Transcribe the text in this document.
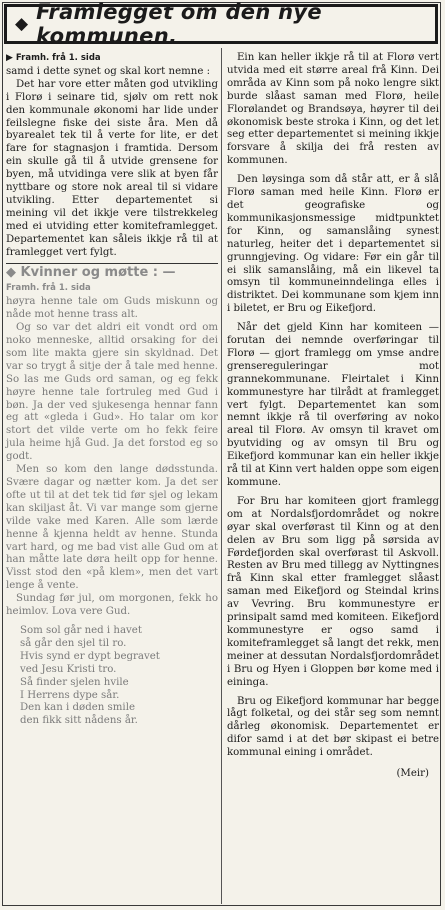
◆ Framlegget om den nye kommunen.
▶ Framh. frå 1. sida

samd i dette synet og skal kort nemne :

Det har vore etter måten god utvikling i Florø i seinare tid, sjølv om rett nok den kommunale økonomi har lide under feilslegne fiske dei siste åra. Men då byarealet tek til å verte for lite, er det fare for stagnasjon i framtida. Dersom ein skulle gå til å utvide grensene for byen, må utvidinga vere slik at byen får nyttbare og store nok areal til si vidare utvikling. Etter departementet si meining vil det ikkje vere tilstrekkeleg med ei utviding etter komiteframlegget. Departementet kan såleis ikkje rå til at framlegget vert fylgt.

◆ Kvinner og møtte : —
Framh. frå 1. sida

høyra henne tale om Guds miskunn og nåde mot henne trass alt.

Og so var det aldri eit vondt ord om noko menneske, alltid orsaking for dei som lite makta gjere sin skyldnad. Det var so trygt å sitje der å tale med henne. So las me Guds ord saman, og eg fekk høyre henne tale fortruleg med Gud i bøn. Ja der ved sjukesenga hennar fann eg att «gleda i Gud». Ho talar om kor stort det vilde verte om ho fekk feire jula heime hjå Gud. Ja det forstod eg so godt.

Men so kom den lange dødsstunda. Svære dagar og nætter kom. Ja det ser ofte ut til at det tek tid før sjel og lekam kan skiljast åt. Vi var mange som gjerne vilde vake med Karen. Alle som lærde henne å kjenna heldt av henne. Stunda vart hard, og me bad vist alle Gud om at han måtte late døra heilt opp for henne. Visst stod den «på klem», men det vart lenge å vente.

Sundag før jul, om morgonen, fekk ho heimlov. Lova vere Gud.

Som sol går ned i havet
så går den sjel til ro.
Hvis synd er dypt begravet
ved Jesu Kristi tro.
Så finder sjelen hvile
I Herrens dype sår.
Den kan i døden smile
den fikk sitt nådens år.

Ein kan heller ikkje rå til at Florø vert utvida med eit større areal frå Kinn. Dei områda av Kinn som på noko lengre sikt burde slåast saman med Florø, heile Florølandet og Brandsøya, høyrer til dei økonomisk beste stroka i Kinn, og det let seg etter departementet si meining ikkje forsvare å skilja dei frå resten av kommunen.

Den løysinga som då står att, er å slå Florø saman med heile Kinn. Florø er det geografiske og kommunikasjonsmessige midtpunktet for Kinn, og samanslåing synest naturleg, heiter det i departementet si grunngjeving. Og vidare: Før ein går til ei slik samanslåing, må ein likevel ta omsyn til kommuneinndelinga elles i distriktet. Dei kommunane som kjem inn i biletet, er Bru og Eikefjord.

Når det gjeld Kinn har komiteen — forutan dei nemnde overføringar til Florø — gjort framlegg om ymse andre grensereguleringar mot grannekommunane. Fleirtalet i Kinn kommunestyre har tilrådt at framlegget vert fylgt. Departementet kan som nemnt ikkje rå til overføring av noko areal til Florø. Av omsyn til kravet om byutviding og av omsyn til Bru og Eikefjord kommunar kan ein heller ikkje rå til at Kinn vert halden oppe som eigen kommune.

For Bru har komiteen gjort framlegg om at Nordalsfjordområdet og nokre øyar skal overførast til Kinn og at den delen av Bru som ligg på sørsida av Førdefjorden skal overførast til Askvoll. Resten av Bru med tillegg av Nyttingnes frå Kinn skal etter framlegget slåast saman med Eikefjord og Steindal krins av Vevring. Bru kommunestyre er prinsipalt samd med komiteen. Eikefjord kommunestyre er ogso samd i komiteframlegget så langt det rekk, men meiner at dessutan Nordalsfjordområdet i Bru og Hyen i Gloppen bør kome med i eininga.

Bru og Eikefjord kommunar har begge lågt folketal, og dei står seg som nemnt dårleg økonomisk. Departementet er difor samd i at det bør skipast ei betre kommunal eining i området.

(Meir)
